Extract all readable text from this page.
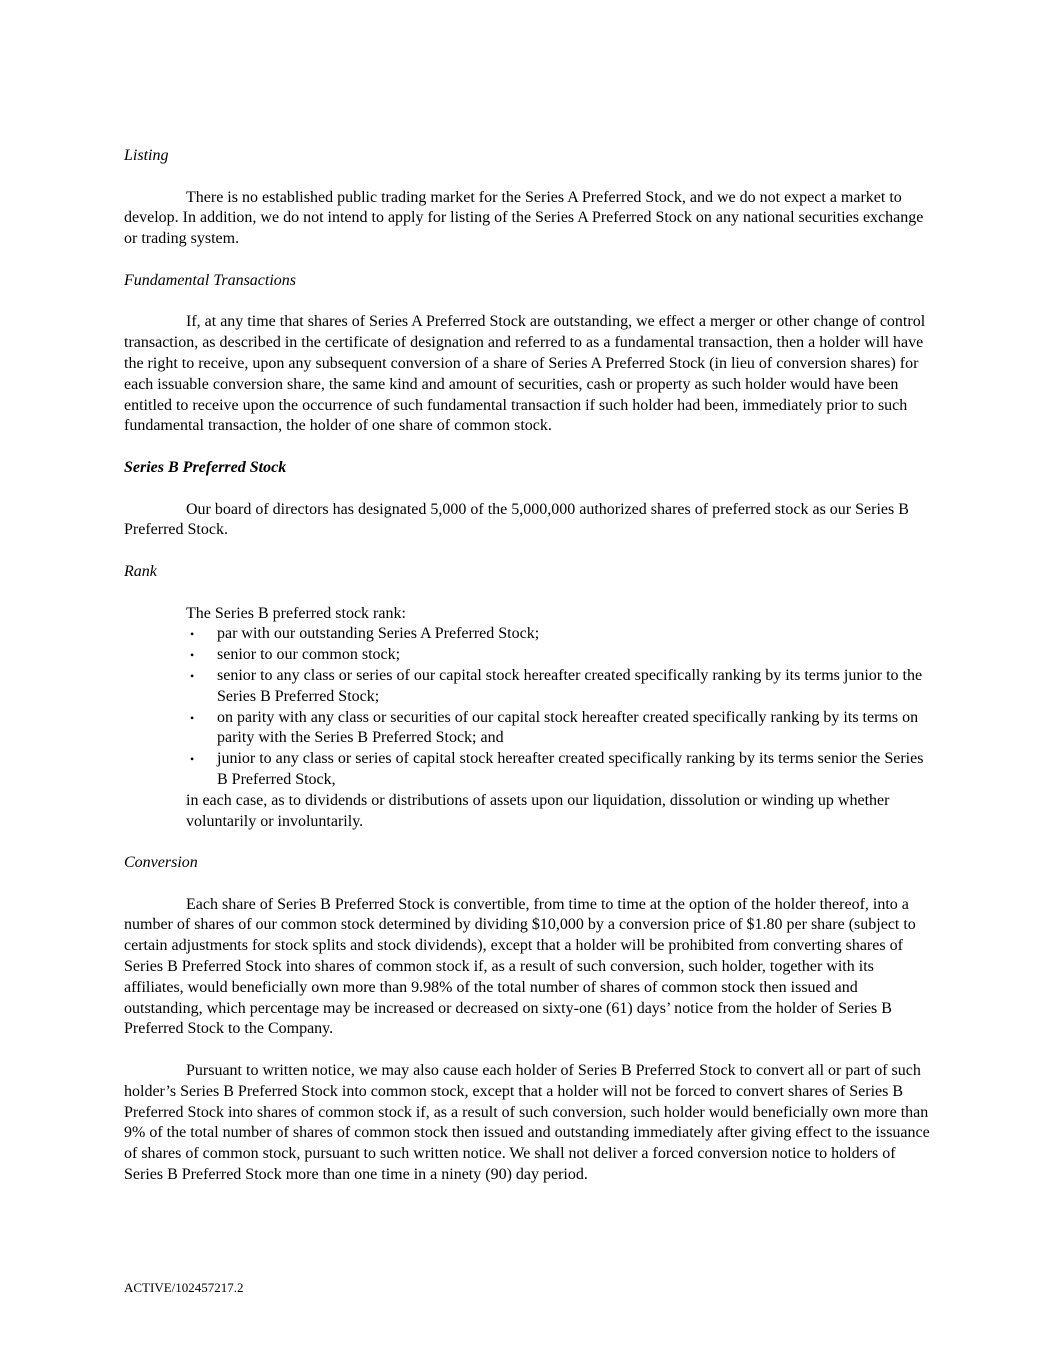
Listing

There is no established public trading market for the Series A Preferred Stock, and we do not expect a market to develop. In addition, we do not intend to apply for listing of the Series A Preferred Stock on any national securities exchange or trading system.

Fundamental Transactions

If, at any time that shares of Series A Preferred Stock are outstanding, we effect a merger or other change of control transaction, as described in the certificate of designation and referred to as a fundamental transaction, then a holder will have the right to receive, upon any subsequent conversion of a share of Series A Preferred Stock (in lieu of conversion shares) for each issuable conversion share, the same kind and amount of securities, cash or property as such holder would have been entitled to receive upon the occurrence of such fundamental transaction if such holder had been, immediately prior to such fundamental transaction, the holder of one share of common stock.

Series B Preferred Stock

Our board of directors has designated 5,000 of the 5,000,000 authorized shares of preferred stock as our Series B Preferred Stock.

Rank

The Series B preferred stock rank:

• par with our outstanding Series A Preferred Stock;
• senior to our common stock;
• senior to any class or series of our capital stock hereafter created specifically ranking by its terms junior to the Series B Preferred Stock;
• on parity with any class or securities of our capital stock hereafter created specifically ranking by its terms on parity with the Series B Preferred Stock; and
• junior to any class or series of capital stock hereafter created specifically ranking by its terms senior the Series B Preferred Stock,

in each case, as to dividends or distributions of assets upon our liquidation, dissolution or winding up whether voluntarily or involuntarily.

Conversion

Each share of Series B Preferred Stock is convertible, from time to time at the option of the holder thereof, into a number of shares of our common stock determined by dividing $10,000 by a conversion price of $1.80 per share (subject to certain adjustments for stock splits and stock dividends), except that a holder will be prohibited from converting shares of Series B Preferred Stock into shares of common stock if, as a result of such conversion, such holder, together with its affiliates, would beneficially own more than 9.98% of the total number of shares of common stock then issued and outstanding, which percentage may be increased or decreased on sixty-one (61) days’ notice from the holder of Series B Preferred Stock to the Company.

Pursuant to written notice, we may also cause each holder of Series B Preferred Stock to convert all or part of such holder’s Series B Preferred Stock into common stock, except that a holder will not be forced to convert shares of Series B Preferred Stock into shares of common stock if, as a result of such conversion, such holder would beneficially own more than 9% of the total number of shares of common stock then issued and outstanding immediately after giving effect to the issuance of shares of common stock, pursuant to such written notice. We shall not deliver a forced conversion notice to holders of Series B Preferred Stock more than one time in a ninety (90) day period.

ACTIVE/102457217.2
